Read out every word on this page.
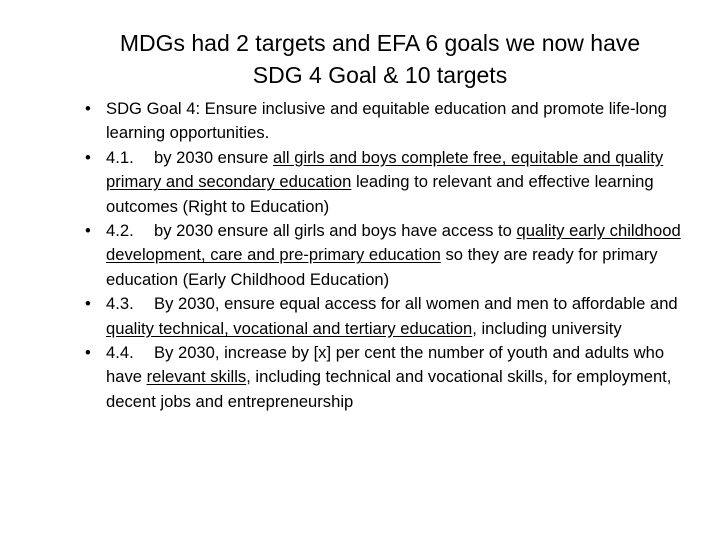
MDGs had 2 targets and EFA 6 goals we now have
SDG 4 Goal & 10 targets
• SDG Goal 4: Ensure inclusive and equitable education and promote life-long learning opportunities.
• 4.1. by 2030 ensure all girls and boys complete free, equitable and quality primary and secondary education leading to relevant and effective learning outcomes (Right to Education)
• 4.2. by 2030 ensure all girls and boys have access to quality early childhood development, care and pre-primary education so they are ready for primary education (Early Childhood Education)
• 4.3. By 2030, ensure equal access for all women and men to affordable and quality technical, vocational and tertiary education, including university
• 4.4. By 2030, increase by [x] per cent the number of youth and adults who have relevant skills, including technical and vocational skills, for employment, decent jobs and entrepreneurship
